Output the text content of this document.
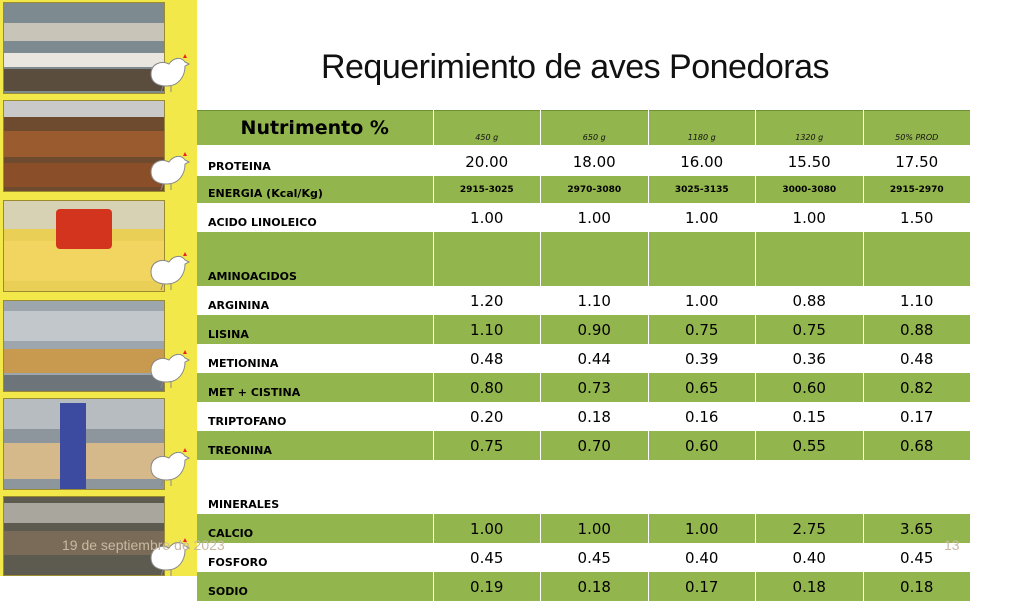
Requerimiento de aves Ponedoras
Nutrimento %	450 g	650 g	1180 g	1320 g	50% PROD
PROTEINA	20.00	18.00	16.00	15.50	17.50
ENERGIA (Kcal/Kg)	2915-3025	2970-3080	3025-3135	3000-3080	2915-2970
ACIDO LINOLEICO	1.00	1.00	1.00	1.00	1.50
AMINOACIDOS					
ARGININA	1.20	1.10	1.00	0.88	1.10
LISINA	1.10	0.90	0.75	0.75	0.88
METIONINA	0.48	0.44	0.39	0.36	0.48
MET + CISTINA	0.80	0.73	0.65	0.60	0.82
TRIPTOFANO	0.20	0.18	0.16	0.15	0.17
TREONINA	0.75	0.70	0.60	0.55	0.68
MINERALES					
CALCIO	1.00	1.00	1.00	2.75	3.65
FOSFORO	0.45	0.45	0.40	0.40	0.45
SODIO	0.19	0.18	0.17	0.18	0.18
19 de septiembre de 2023	13
